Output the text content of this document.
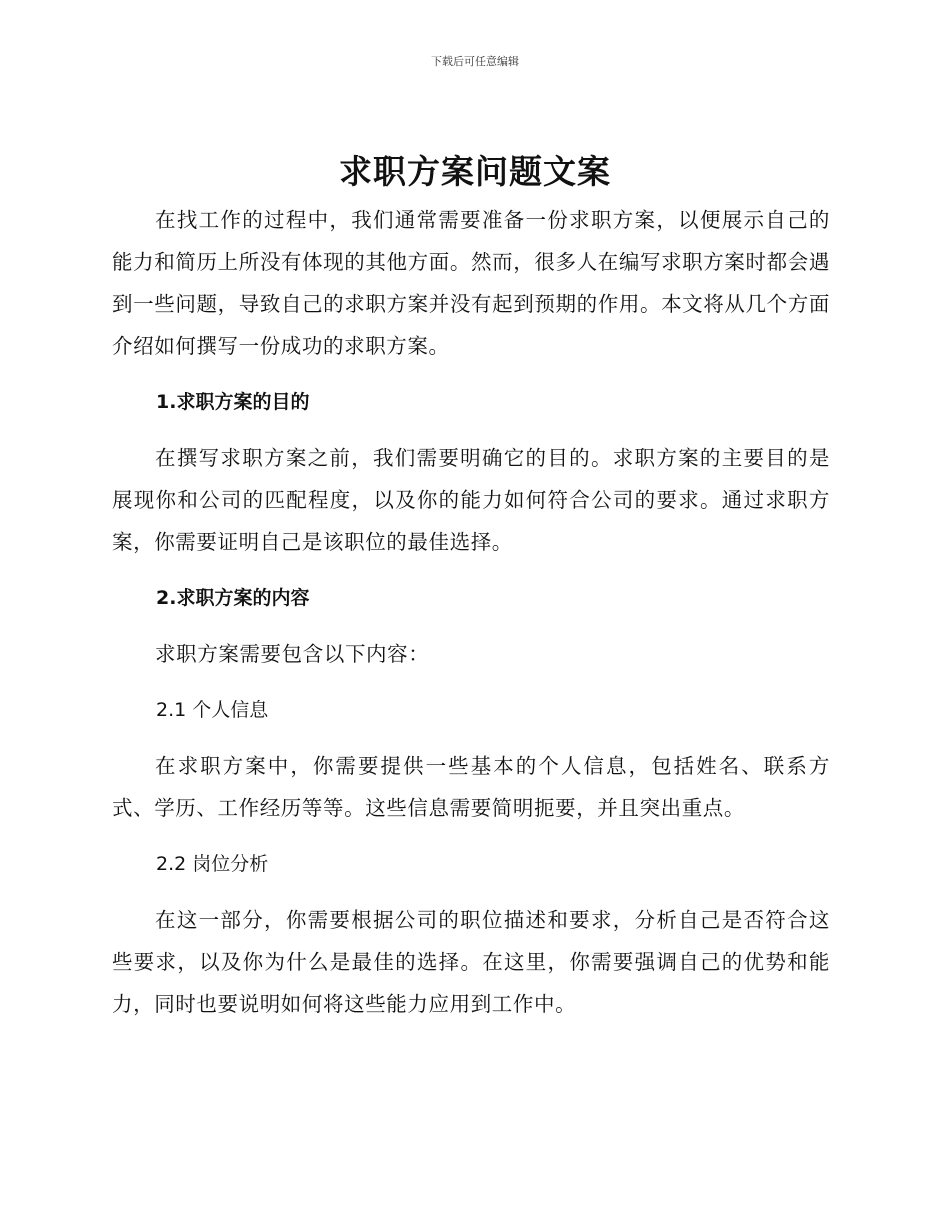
下载后可任意编辑
求职方案问题文案

在找工作的过程中，我们通常需要准备一份求职方案，以便展示自己的能力和简历上所没有体现的其他方面。然而，很多人在编写求职方案时都会遇到一些问题，导致自己的求职方案并没有起到预期的作用。本文将从几个方面介绍如何撰写一份成功的求职方案。

1.求职方案的目的

在撰写求职方案之前，我们需要明确它的目的。求职方案的主要目的是展现你和公司的匹配程度，以及你的能力如何符合公司的要求。通过求职方案，你需要证明自己是该职位的最佳选择。

2.求职方案的内容

求职方案需要包含以下内容：

2.1 个人信息

在求职方案中，你需要提供一些基本的个人信息，包括姓名、联系方式、学历、工作经历等等。这些信息需要简明扼要，并且突出重点。

2.2 岗位分析

在这一部分，你需要根据公司的职位描述和要求，分析自己是否符合这些要求，以及你为什么是最佳的选择。在这里，你需要强调自己的优势和能力，同时也要说明如何将这些能力应用到工作中。
